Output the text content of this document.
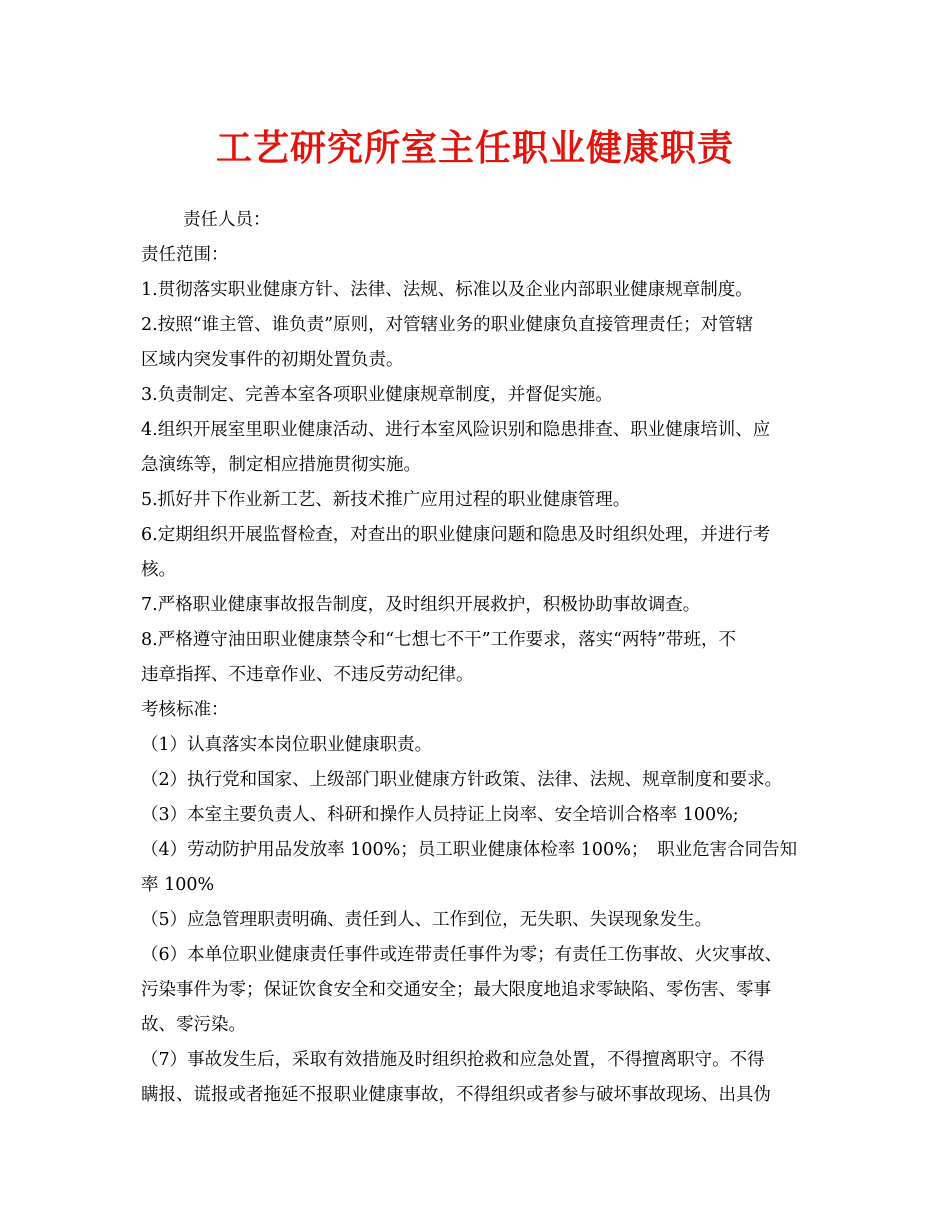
工艺研究所室主任职业健康职责
责任人员：
责任范围：
1.贯彻落实职业健康方针、法律、法规、标准以及企业内部职业健康规章制度。
2.按照“谁主管、谁负责”原则，对管辖业务的职业健康负直接管理责任；对管辖
区域内突发事件的初期处置负责。
3.负责制定、完善本室各项职业健康规章制度，并督促实施。
4.组织开展室里职业健康活动、进行本室风险识别和隐患排查、职业健康培训、应
急演练等，制定相应措施贯彻实施。
5.抓好井下作业新工艺、新技术推广应用过程的职业健康管理。
6.定期组织开展监督检查，对查出的职业健康问题和隐患及时组织处理，并进行考
核。
7.严格职业健康事故报告制度，及时组织开展救护，积极协助事故调查。
8.严格遵守油田职业健康禁令和“七想七不干”工作要求，落实“两特”带班，不
违章指挥、不违章作业、不违反劳动纪律。
考核标准：
（1）认真落实本岗位职业健康职责。
（2）执行党和国家、上级部门职业健康方针政策、法律、法规、规章制度和要求。
（3）本室主要负责人、科研和操作人员持证上岗率、安全培训合格率 100%;
（4）劳动防护用品发放率 100%；员工职业健康体检率 100%；　职业危害合同告知
率 100%
（5）应急管理职责明确、责任到人、工作到位，无失职、失误现象发生。
（6）本单位职业健康责任事件或连带责任事件为零；有责任工伤事故、火灾事故、
污染事件为零；保证饮食安全和交通安全；最大限度地追求零缺陷、零伤害、零事
故、零污染。
（7）事故发生后，采取有效措施及时组织抢救和应急处置，不得擅离职守。不得
瞒报、谎报或者拖延不报职业健康事故，不得组织或者参与破坏事故现场、出具伪
